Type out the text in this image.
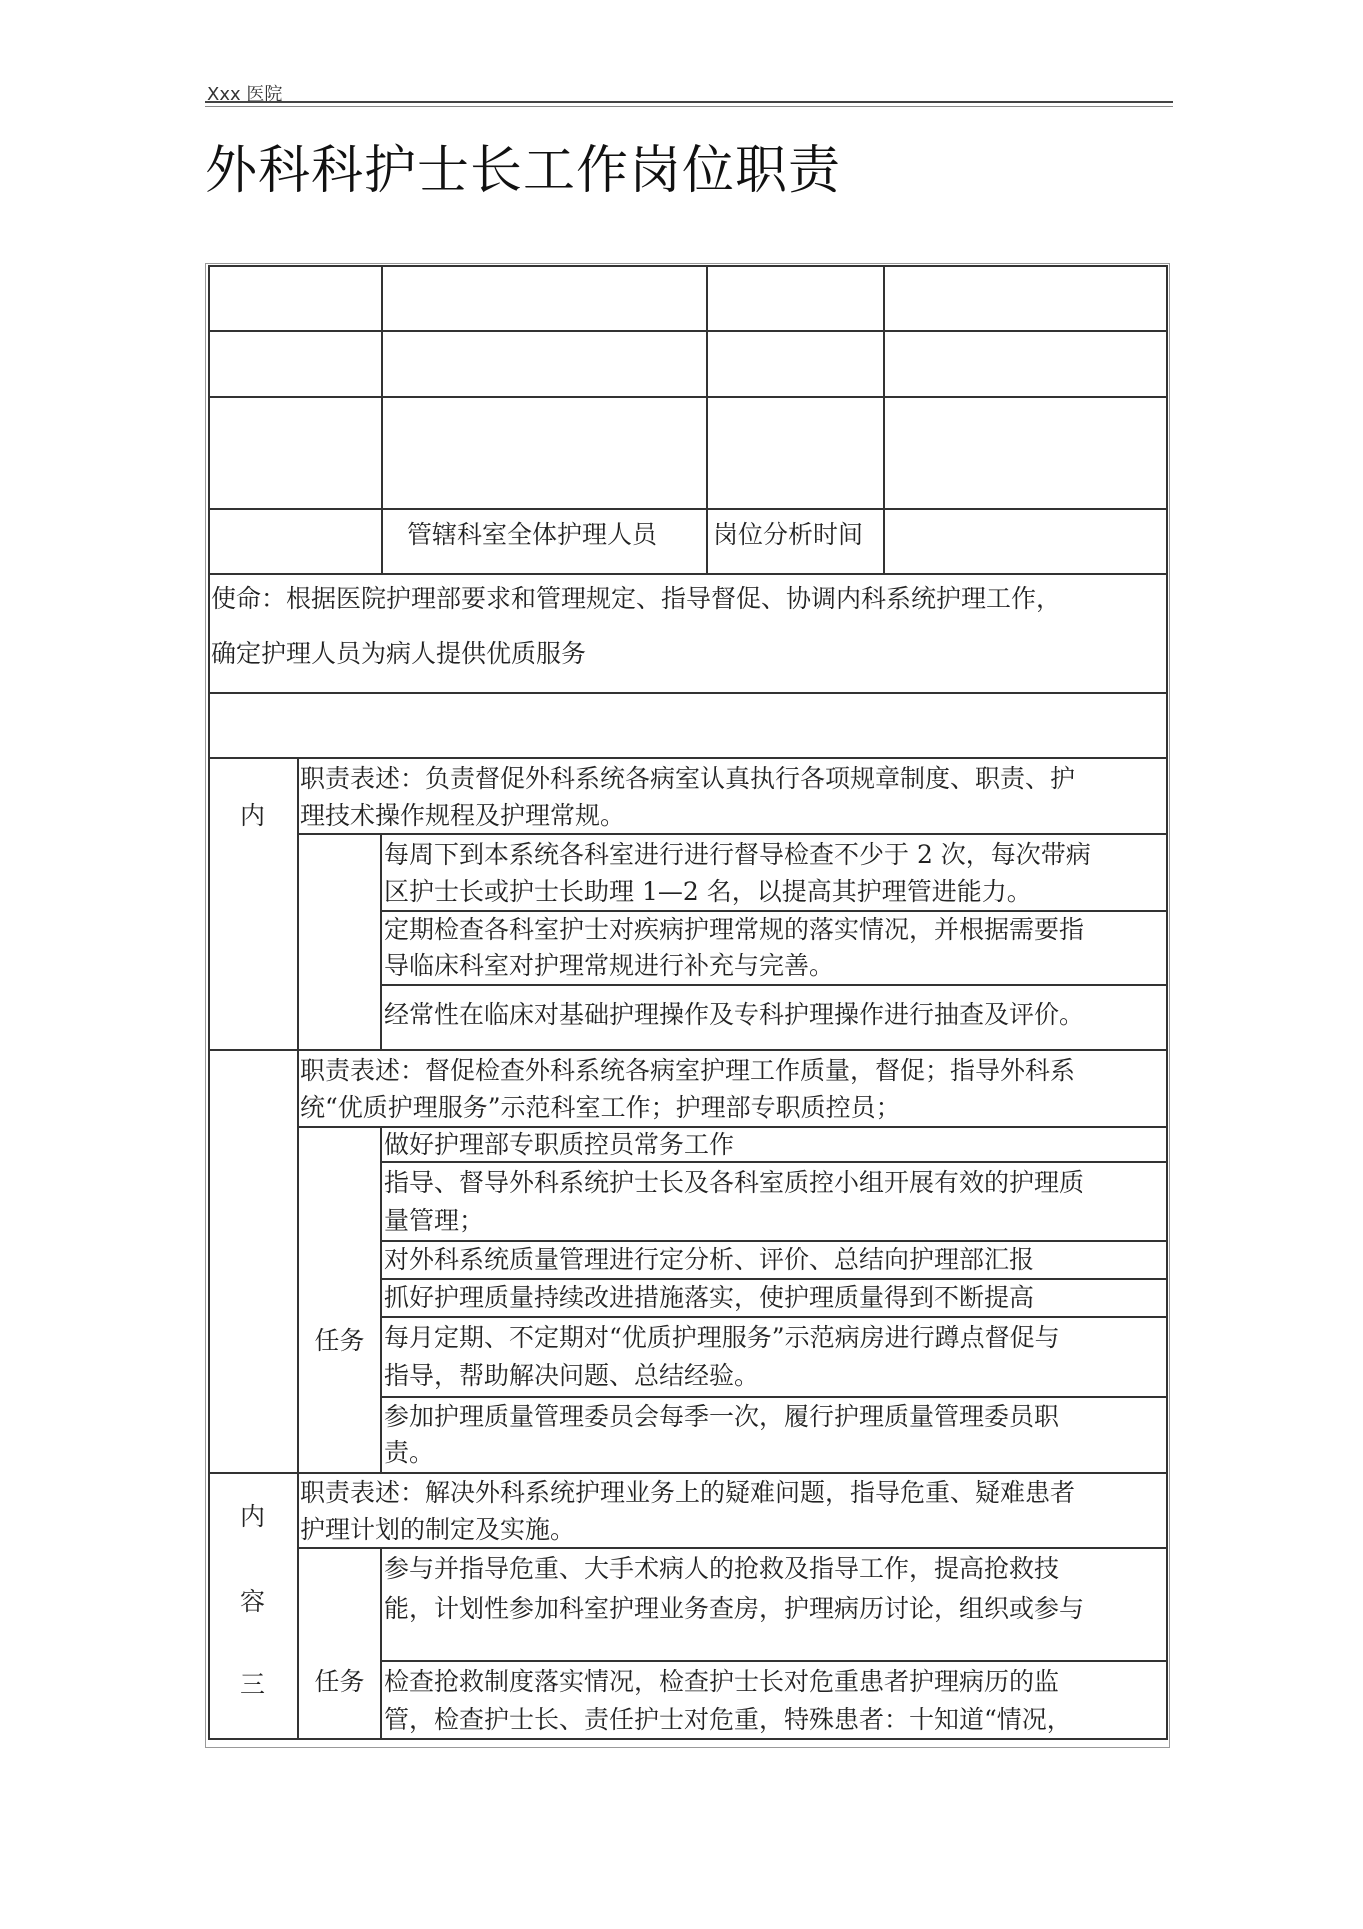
Xxx 医院
外科科护士长工作岗位职责
管辖科室全体护理人员 岗位分析时间
使命：根据医院护理部要求和管理规定、指导督促、协调内科系统护理工作，
确定护理人员为病人提供优质服务
内
职责表述：负责督促外科系统各病室认真执行各项规章制度、职责、护
理技术操作规程及护理常规。
每周下到本系统各科室进行进行督导检查不少于 2 次，每次带病
区护士长或护士长助理 1—2 名，以提高其护理管进能力。
定期检查各科室护士对疾病护理常规的落实情况，并根据需要指
导临床科室对护理常规进行补充与完善。
经常性在临床对基础护理操作及专科护理操作进行抽查及评价。
职责表述：督促检查外科系统各病室护理工作质量，督促；指导外科系
统“优质护理服务”示范科室工作；护理部专职质控员；
任务
做好护理部专职质控员常务工作
指导、督导外科系统护士长及各科室质控小组开展有效的护理质
量管理；
对外科系统质量管理进行定分析、评价、总结向护理部汇报
抓好护理质量持续改进措施落实，使护理质量得到不断提高
每月定期、不定期对“优质护理服务”示范病房进行蹲点督促与
指导，帮助解决问题、总结经验。
参加护理质量管理委员会每季一次，履行护理质量管理委员职
责。
内
容
三
职责表述：解决外科系统护理业务上的疑难问题，指导危重、疑难患者
护理计划的制定及实施。
任务
参与并指导危重、大手术病人的抢救及指导工作，提高抢救技
能，计划性参加科室护理业务查房，护理病历讨论，组织或参与
检查抢救制度落实情况，检查护士长对危重患者护理病历的监
管，检查护士长、责任护士对危重，特殊患者：十知道“情况，
